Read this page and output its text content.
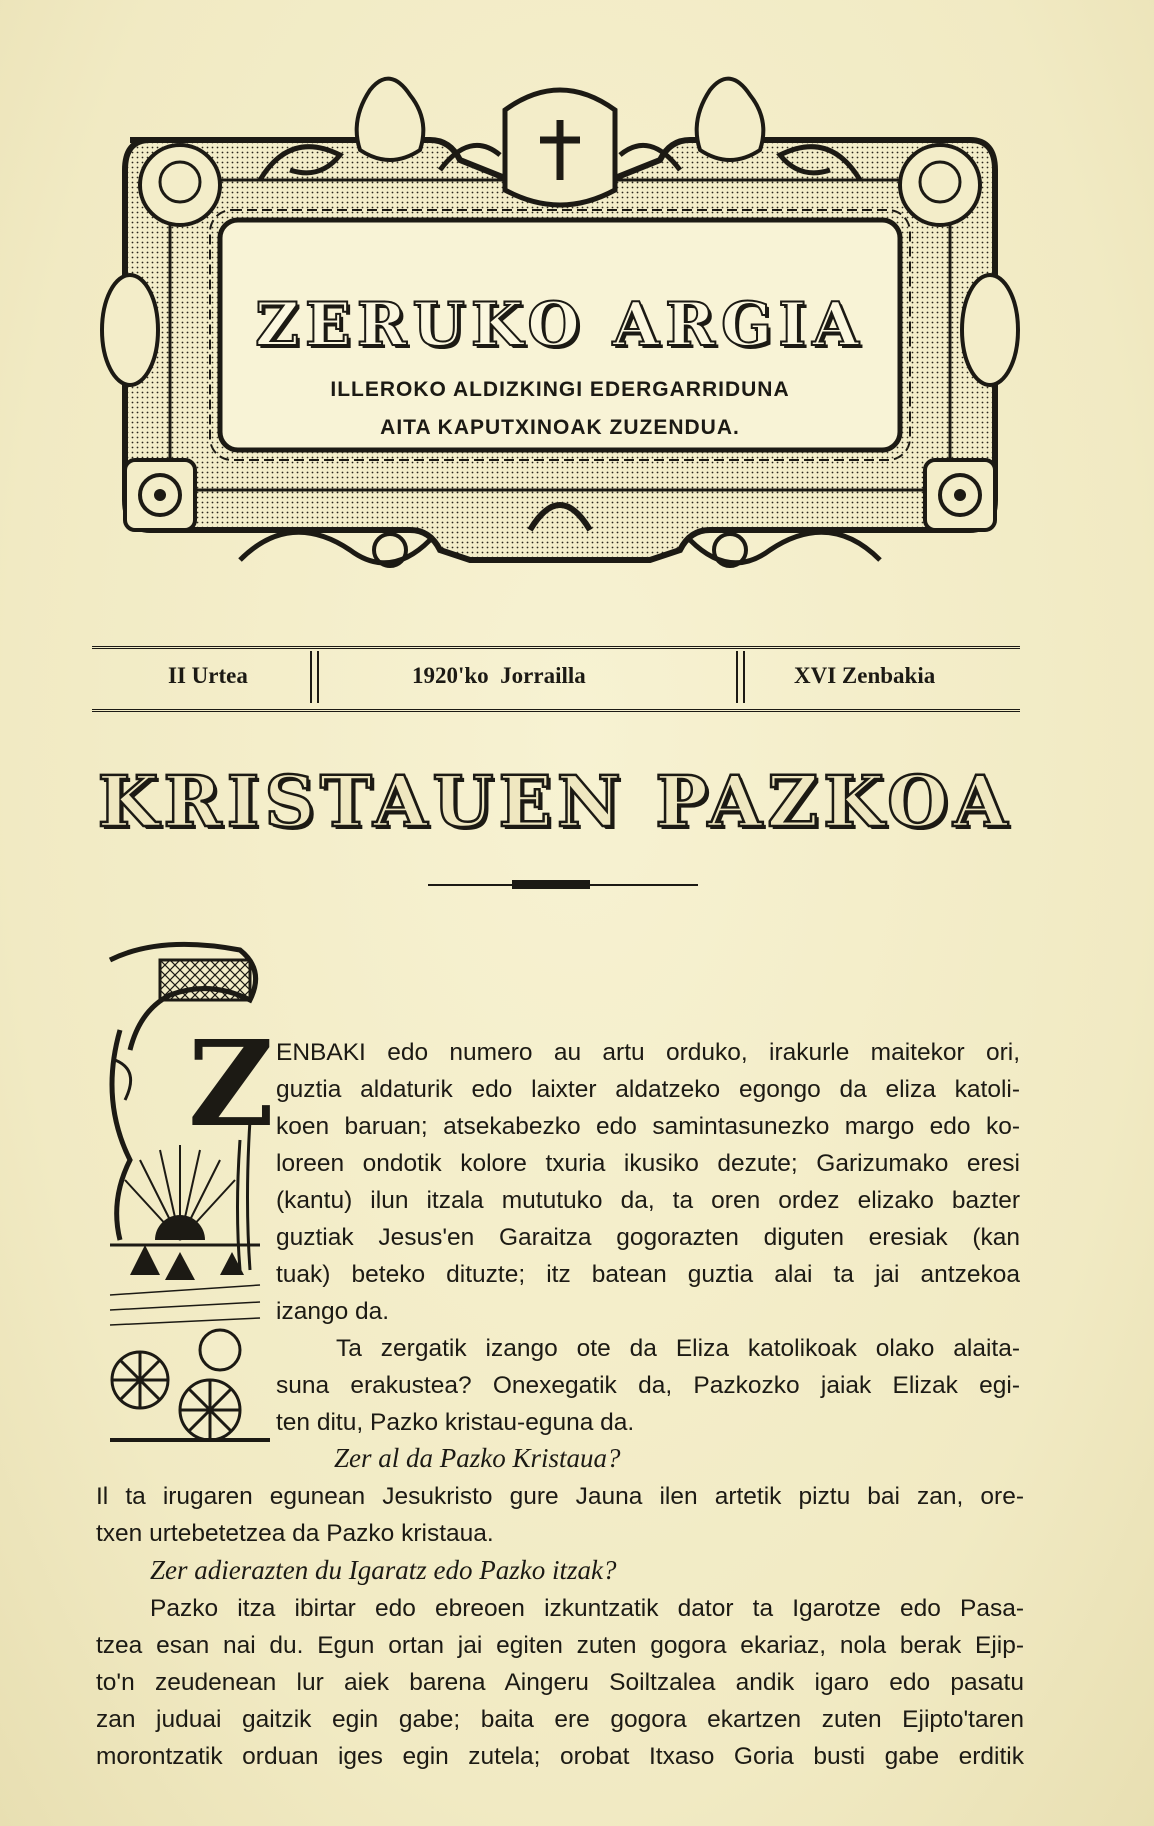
ZERUKO ARGIA
ILLEROKO ALDIZKINGI EDERGARRIDUNA
AITA KAPUTXINOAK ZUZENDUA.
II Urtea	1920'ko  Jorrailla	XVI Zenbakia
KRISTAUEN PAZKOA
Z ENBAKI edo numero au artu orduko, irakurle maitekor ori,
guztia aldaturik edo laixter aldatzeko egongo da eliza katoli-
koen baruan; atsekabezko edo samintasunezko margo edo ko-
loreen ondotik kolore txuria ikusiko dezute; Garizumako eresi
(kantu) ilun itzala mututuko da, ta oren ordez elizako bazter
guztiak Jesus'en Garaitza gogorazten diguten eresiak (kan
tuak) beteko dituzte; itz batean guztia alai ta jai antzekoa
izango da.
Ta zergatik izango ote da Eliza katolikoak olako alaita-
suna erakustea? Onexegatik da, Pazkozko jaiak Elizak egi-
ten ditu, Pazko kristau-eguna da.
Zer al da Pazko Kristaua?
Il ta irugaren egunean Jesukristo gure Jauna ilen artetik piztu bai zan, ore-
txen urtebetetzea da Pazko kristaua.
Zer adierazten du Igaratz edo Pazko itzak?
Pazko itza ibirtar edo ebreoen izkuntzatik dator ta Igarotze edo Pasa-
tzea esan nai du. Egun ortan jai egiten zuten gogora ekariaz, nola berak Ejip-
to'n zeudenean lur aiek barena Aingeru Soiltzalea andik igaro edo pasatu
zan juduai gaitzik egin gabe; baita ere gogora ekartzen zuten Ejipto'taren
morontzatik orduan iges egin zutela; orobat Itxaso Goria busti gabe erditik
